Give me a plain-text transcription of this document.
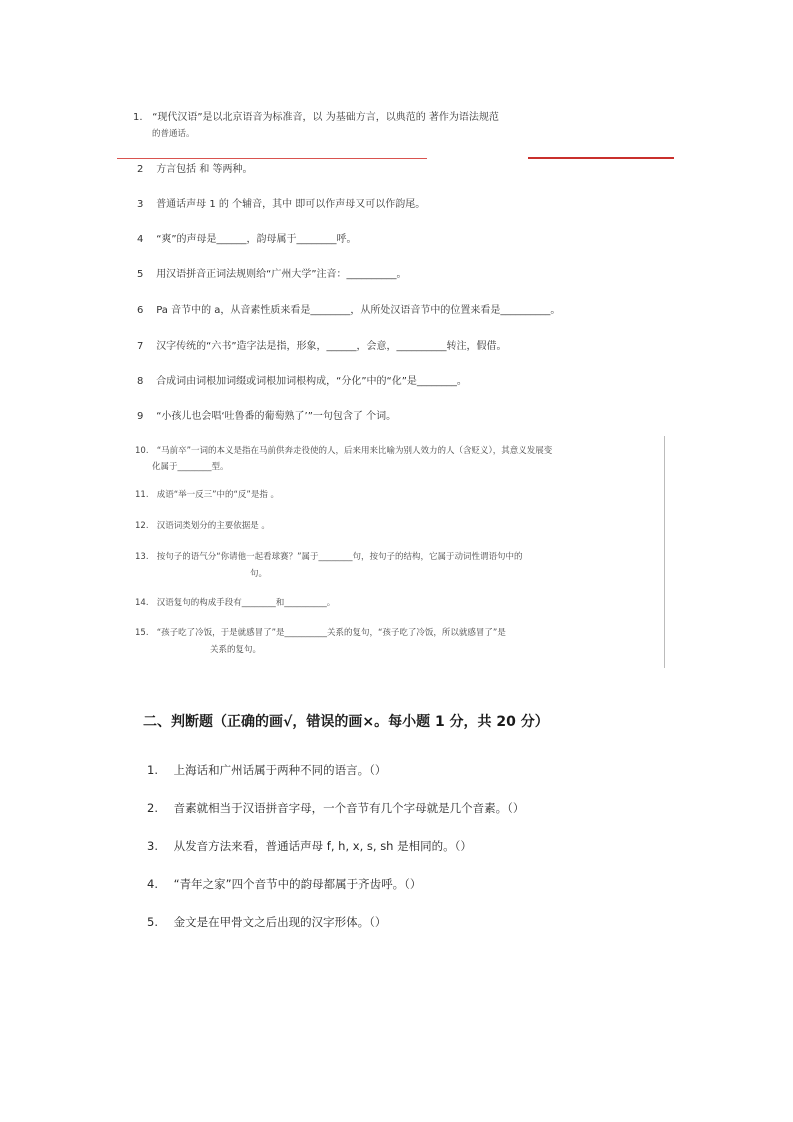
1. “现代汉语”是以北京语音为标准音，以 为基础方言，以典范的 著作为语法规范
的普通话。
2 方言包括 和 等两种。
3 普通话声母 1 的 个辅音，其中 即可以作声母又可以作韵尾。
4 “爽”的声母是______，韵母属于________呼。
5 用汉语拼音正词法规则给“广州大学”注音：__________。
6 Pa 音节中的 a，从音素性质来看是________，从所处汉语音节中的位置来看是__________。
7 汉字传统的“六书”造字法是指，形象，______，会意，__________转注，假借。
8 合成词由词根加词缀或词根加词根构成，“分化”中的“化”是________。
9 “小孩儿也会唱‘吐鲁番的葡萄熟了’”一句包含了 个词。
10. “马前卒”一词的本义是指在马前供奔走役使的人，后来用来比喻为别人效力的人（含贬义），其意义发展变
化属于________型。
11. 成语“举一反三”中的“反”是指 。
12. 汉语词类划分的主要依据是 。
13. 按句子的语气分“你请他一起看球赛？”属于________句，按句子的结构，它属于动词性谓语句中的
句。
14. 汉语复句的构成手段有________和__________。
15. “孩子吃了冷饭，于是就感冒了”是__________关系的复句，“孩子吃了冷饭，所以就感冒了”是
关系的复句。
二、判断题（正确的画√，错误的画×。每小题 1 分，共 20 分）
1. 上海话和广州话属于两种不同的语言。（）
2. 音素就相当于汉语拼音字母，一个音节有几个字母就是几个音素。（）
3. 从发音方法来看，普通话声母 f, h, x, s, sh 是相同的。（）
4. “青年之家”四个音节中的韵母都属于齐齿呼。（）
5. 金文是在甲骨文之后出现的汉字形体。（）
